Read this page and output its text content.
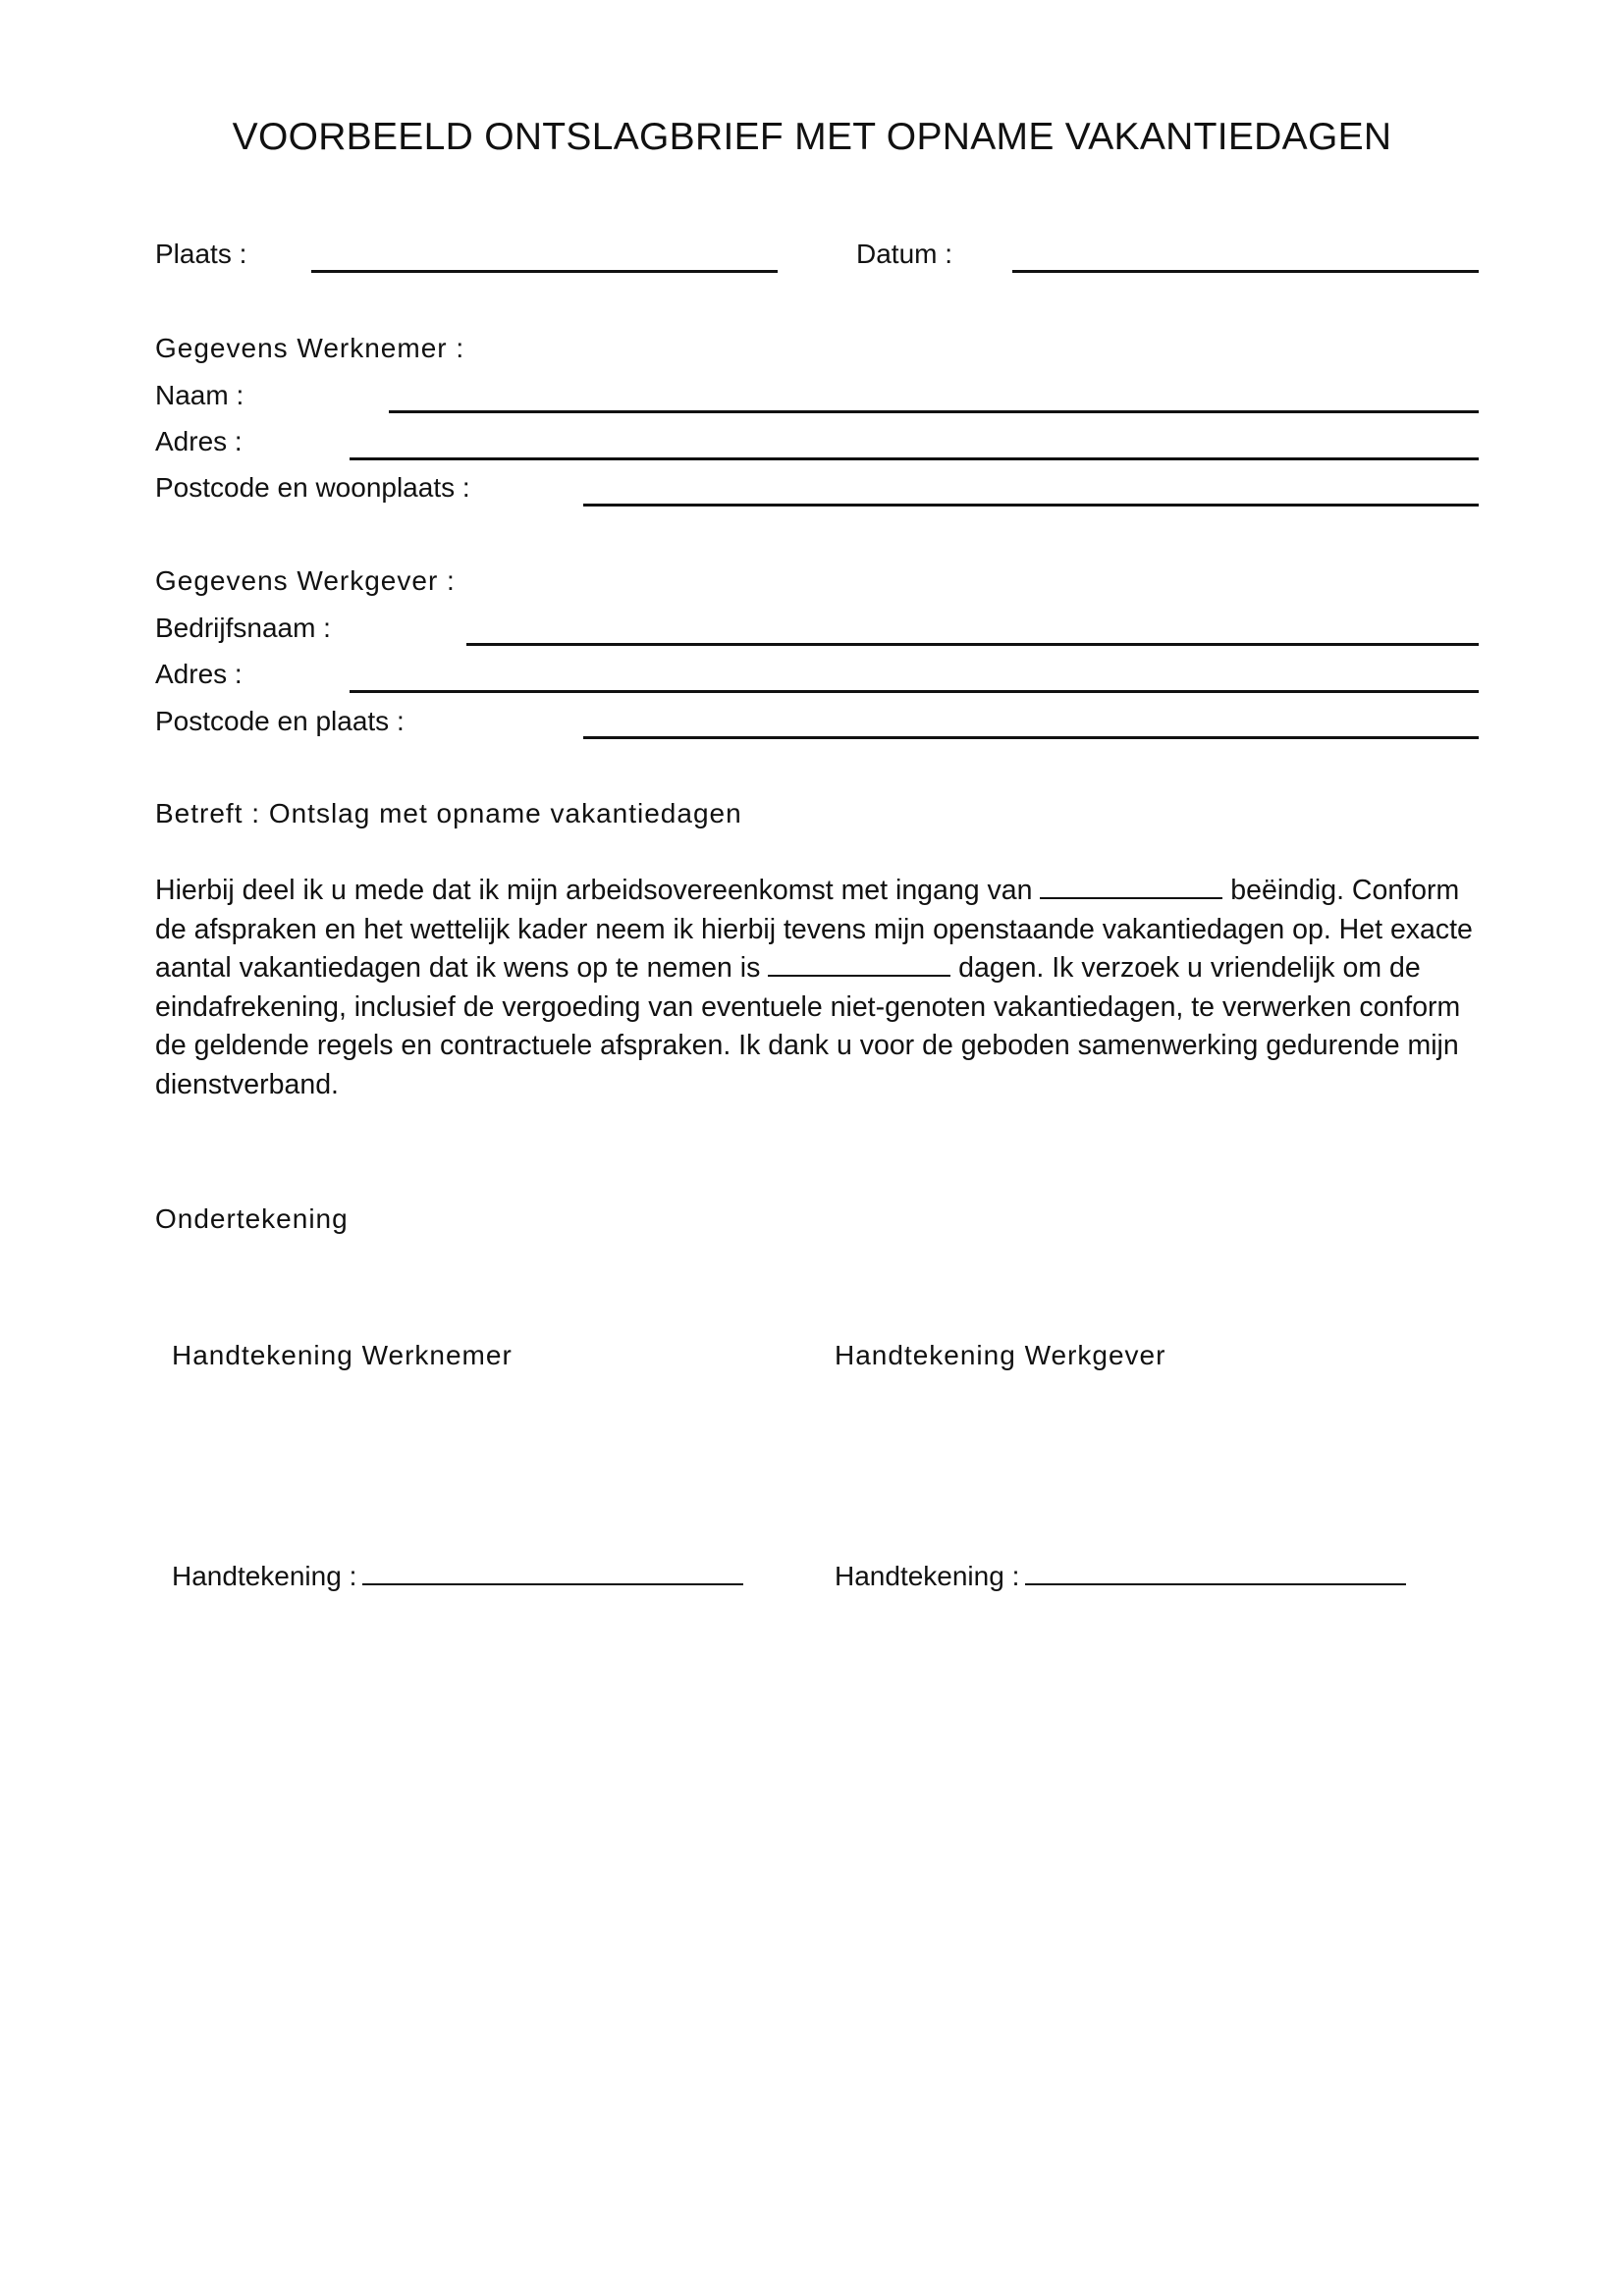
VOORBEELD ONTSLAGBRIEF MET OPNAME VAKANTIEDAGEN
Plaats :	Datum :
Gegevens Werknemer :
Naam :
Adres :
Postcode en woonplaats :
Gegevens Werkgever :
Bedrijfsnaam :
Adres :
Postcode en plaats :
Betreft : Ontslag met opname vakantiedagen

Hierbij deel ik u mede dat ik mijn arbeidsovereenkomst met ingang van	beëindig. Conform de afspraken en het wettelijk kader neem ik hierbij tevens mijn openstaande vakantiedagen op. Het exacte aantal vakantiedagen dat ik wens op te nemen is	dagen. Ik verzoek u vriendelijk om de eindafrekening, inclusief de vergoeding van eventuele niet-genoten vakantiedagen, te verwerken conform de geldende regels en contractuele afspraken. Ik dank u voor de geboden samenwerking gedurende mijn dienstverband.

Ondertekening
Handtekening Werknemer	Handtekening Werkgever
Handtekening :	Handtekening :
